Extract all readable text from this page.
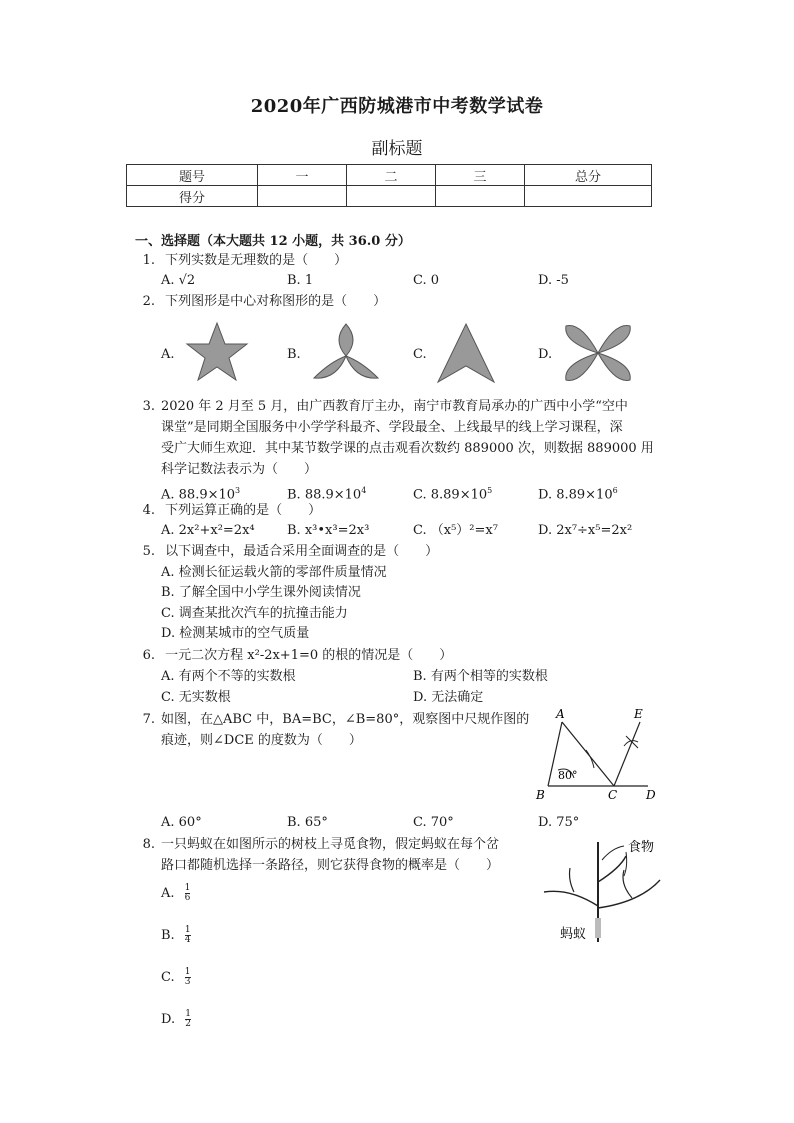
2020年广西防城港市中考数学试卷
副标题
题号	一	二	三	总分
得分				
一、选择题（本大题共 12 小题，共 36.0 分）
1. 下列实数是无理数的是（　　）
A. √2	B. 1	C. 0	D. -5
2. 下列图形是中心对称图形的是（　　）
A.	B.	C.	D.
3. 2020 年 2 月至 5 月，由广西教育厅主办，南宁市教育局承办的广西中小学“空中
课堂”是同期全国服务中小学学科最齐、学段最全、上线最早的线上学习课程，深
受广大师生欢迎．其中某节数学课的点击观看次数约 889000 次，则数据 889000 用
科学记数法表示为（　　）
A. $88.9\times 10^3$	B. $88.9\times 10^4$	C. $8.89\times 10^5$	D. $8.89\times 10^6$
4. 下列运算正确的是（　　）
A. 2x²+x²=2x⁴ B. x³•x³=2x³	C. （x⁵）²=x⁷	D. 2x⁷÷x⁵=2x²
5. 以下调查中，最适合采用全面调查的是（　　）
A. 检测长征运载火箭的零部件质量情况
B. 了解全国中小学生课外阅读情况
C. 调查某批次汽车的抗撞击能力
D. 检测某城市的空气质量
6. 一元二次方程 x²-2x+1=0 的根的情况是（　　）
A. 有两个不等的实数根	B. 有两个相等的实数根
C. 无实数根	D. 无法确定
7. 如图，在△ABC 中，BA=BC，∠B=80°，观察图中尺规作图的
痕迹，则∠DCE 的度数为（　　）
A
B	C D
E
80°
A. 60°	B. 65°	C. 70°	D. 75°
8. 一只蚂蚁在如图所示的树枝上寻觅食物，假定蚂蚁在每个岔
路口都随机选择一条路径，则它获得食物的概率是（　　）
食物
蚂蚁
A. $\frac{1}{6}$
B. $\frac{1}{4}$
C. $\frac{1}{3}$
D. $\frac{1}{2}$
